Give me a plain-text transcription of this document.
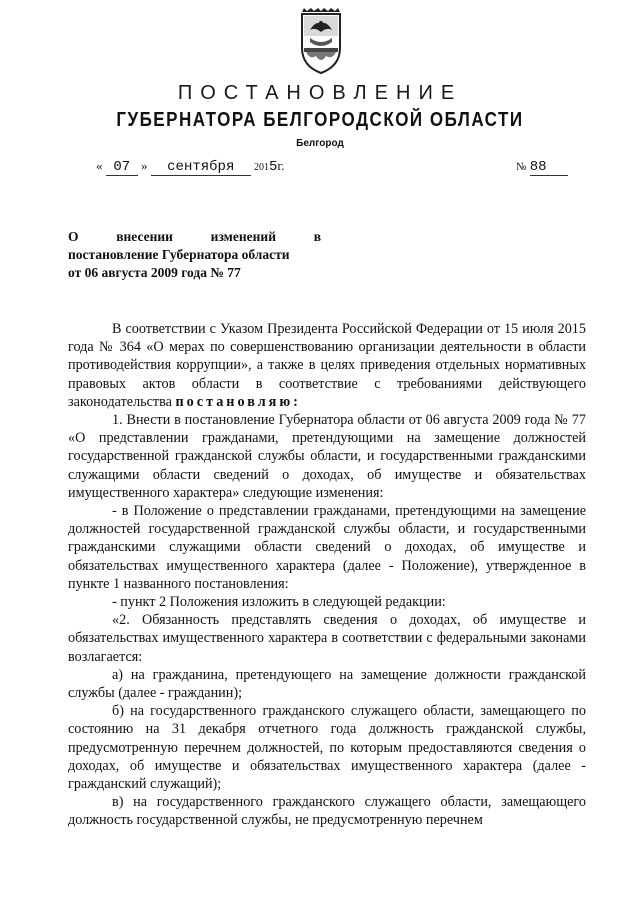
ПОСТАНОВЛЕНИЕ
ГУБЕРНАТОРА БЕЛГОРОДСКОЙ ОБЛАСТИ
Белгород
« 07 » сентября 2015г.	№ 88
О	внесении	изменений	в
постановление Губернатора области
от 06 августа 2009 года № 77

В соответствии с Указом Президента Российской Федерации от 15 июля 2015 года № 364 «О мерах по совершенствованию организации деятельности в области противодействия коррупции», а также в целях приведения отдельных нормативных правовых актов области в соответствие с требованиями действующего законодательства постановляю:

1. Внести в постановление Губернатора области от 06 августа 2009 года № 77 «О представлении гражданами, претендующими на замещение должностей государственной гражданской службы области, и государственными гражданскими служащими области сведений о доходах, об имуществе и обязательствах имущественного характера» следующие изменения:

- в Положение о представлении гражданами, претендующими на замещение должностей государственной гражданской службы области, и государственными гражданскими служащими области сведений о доходах, об имуществе и обязательствах имущественного характера (далее - Положение), утвержденное в пункте 1 названного постановления:

- пункт 2 Положения изложить в следующей редакции:

«2. Обязанность представлять сведения о доходах, об имуществе и обязательствах имущественного характера в соответствии с федеральными законами возлагается:

а) на гражданина, претендующего на замещение должности гражданской службы (далее - гражданин);

б) на государственного гражданского служащего области, замещающего по состоянию на 31 декабря отчетного года должность гражданской службы, предусмотренную перечнем должностей, по которым предоставляются сведения о доходах, об имуществе и обязательствах имущественного характера (далее - гражданский служащий);

в) на государственного гражданского служащего области, замещающего должность государственной службы, не предусмотренную перечнем
